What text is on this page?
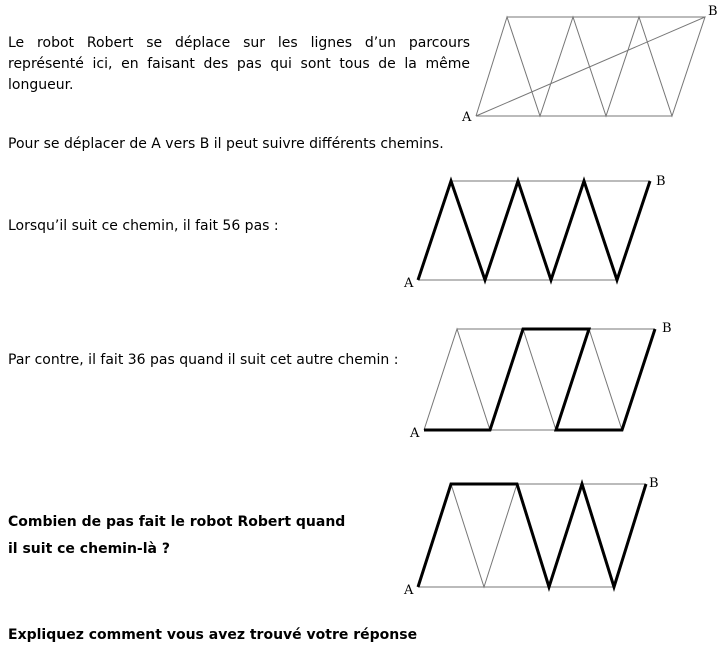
Le robot Robert se déplace sur les lignes d’un parcours
représenté ici, en faisant des pas qui sont tous de la même
longueur.

Pour se déplacer de A vers B il peut suivre différents chemins.

Lorsqu’il suit ce chemin, il fait 56 pas :

Par contre, il fait 36 pas quand il suit cet autre chemin :

Combien de pas fait le robot Robert quand

il suit ce chemin-là ?

Expliquez comment vous avez trouvé votre réponse

A
B
A
B
A
B
A
B
